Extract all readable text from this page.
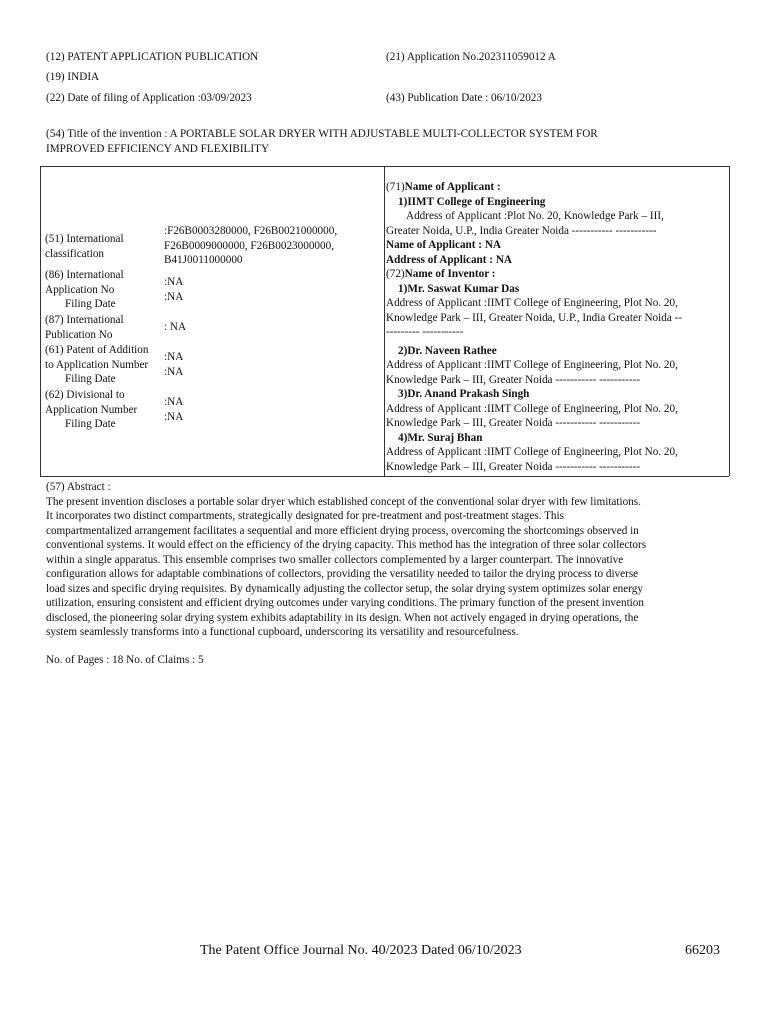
(12) PATENT APPLICATION PUBLICATION
(19) INDIA
(22) Date of filing of Application :03/09/2023
(21) Application No.202311059012 A
(43) Publication Date : 06/10/2023
(54) Title of the invention : A PORTABLE SOLAR DRYER WITH ADJUSTABLE MULTI-COLLECTOR SYSTEM FOR
IMPROVED EFFICIENCY AND FLEXIBILITY
(51) International
classification
:F26B0003280000, F26B0021000000,
F26B0009000000, F26B0023000000,
B41J0011000000
(86) International
Application No
Filing Date
:NA
:NA
(87) International
Publication No
: NA
(61) Patent of Addition
to Application Number
Filing Date
:NA
:NA
(62) Divisional to
Application Number
Filing Date
:NA
:NA
(71)Name of Applicant :
1)IIMT College of Engineering
Address of Applicant :Plot No. 20, Knowledge Park – III,
Greater Noida, U.P., India Greater Noida ----------- -----------
Name of Applicant : NA
Address of Applicant : NA
(72)Name of Inventor :
1)Mr. Saswat Kumar Das
Address of Applicant :IIMT College of Engineering, Plot No. 20,
Knowledge Park – III, Greater Noida, U.P., India Greater Noida --
--------- -----------
2)Dr. Naveen Rathee
Address of Applicant :IIMT College of Engineering, Plot No. 20,
Knowledge Park – III, Greater Noida ----------- -----------
3)Dr. Anand Prakash Singh
Address of Applicant :IIMT College of Engineering, Plot No. 20,
Knowledge Park – III, Greater Noida ----------- -----------
4)Mr. Suraj Bhan
Address of Applicant :IIMT College of Engineering, Plot No. 20,
Knowledge Park – III, Greater Noida ----------- -----------
(57) Abstract :
The present invention discloses a portable solar dryer which established concept of the conventional solar dryer with few limitations.
It incorporates two distinct compartments, strategically designated for pre-treatment and post-treatment stages. This
compartmentalized arrangement facilitates a sequential and more efficient drying process, overcoming the shortcomings observed in
conventional systems. It would effect on the efficiency of the drying capacity. This method has the integration of three solar collectors
within a single apparatus. This ensemble comprises two smaller collectors complemented by a larger counterpart. The innovative
configuration allows for adaptable combinations of collectors, providing the versatility needed to tailor the drying process to diverse
load sizes and specific drying requisites. By dynamically adjusting the collector setup, the solar drying system optimizes solar energy
utilization, ensuring consistent and efficient drying outcomes under varying conditions. The primary function of the present invention
disclosed, the pioneering solar drying system exhibits adaptability in its design. When not actively engaged in drying operations, the
system seamlessly transforms into a functional cupboard, underscoring its versatility and resourcefulness.
No. of Pages : 18 No. of Claims : 5
The Patent Office Journal No. 40/2023 Dated 06/10/2023	66203
